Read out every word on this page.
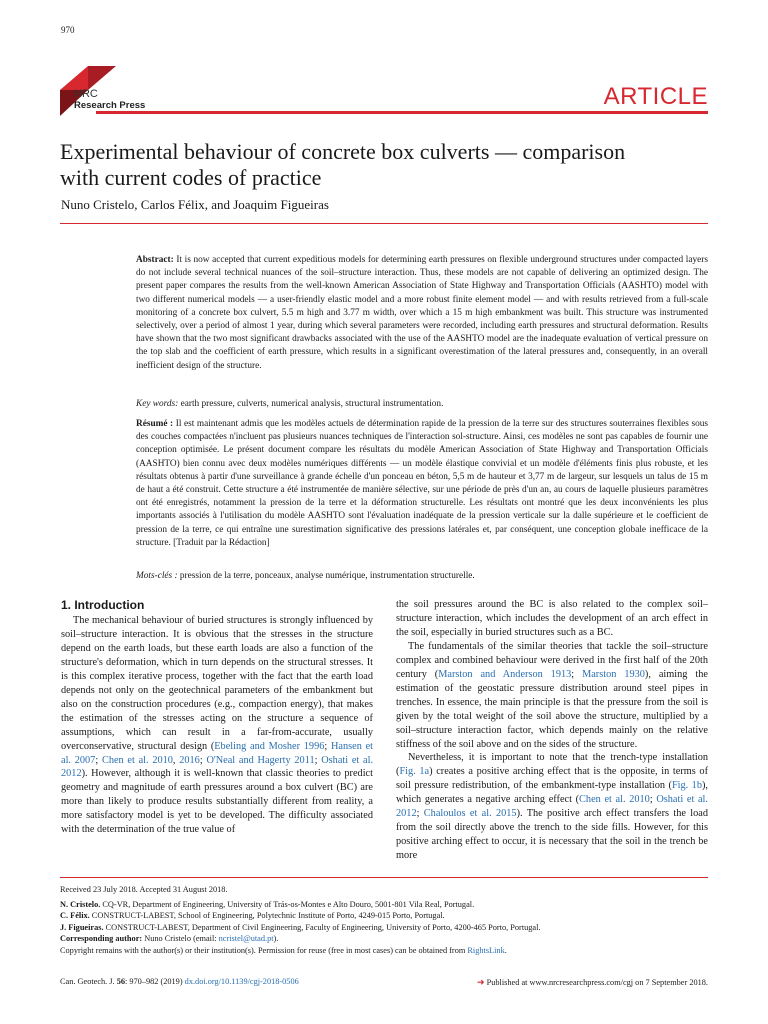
970
NRC
Research Press	ARTICLE
Experimental behaviour of concrete box culverts — comparison
with current codes of practice
Nuno Cristelo, Carlos Félix, and Joaquim Figueiras
Abstract: It is now accepted that current expeditious models for determining earth pressures on flexible underground structures under compacted layers do not include several technical nuances of the soil–structure interaction. Thus, these models are not capable of delivering an optimized design. The present paper compares the results from the well-known American Association of State Highway and Transportation Officials (AASHTO) model with two different numerical models — a user-friendly elastic model and a more robust finite element model — and with results retrieved from a full-scale monitoring of a concrete box culvert, 5.5 m high and 3.77 m width, over which a 15 m high embankment was built. This structure was instrumented selectively, over a period of almost 1 year, during which several parameters were recorded, including earth pressures and structural deformation. Results have shown that the two most significant drawbacks associated with the use of the AASHTO model are the inadequate evaluation of vertical pressure on the top slab and the coefficient of earth pressure, which results in a significant overestimation of the lateral pressures and, consequently, in an overall inefficient design of the structure.
Key words: earth pressure, culverts, numerical analysis, structural instrumentation.
Résumé : Il est maintenant admis que les modèles actuels de détermination rapide de la pression de la terre sur des structures souterraines flexibles sous des couches compactées n'incluent pas plusieurs nuances techniques de l'interaction sol-structure. Ainsi, ces modèles ne sont pas capables de fournir une conception optimisée. Le présent document compare les résultats du modèle American Association of State Highway and Transportation Officials (AASHTO) bien connu avec deux modèles numériques différents — un modèle élastique convivial et un modèle d'éléments finis plus robuste, et les résultats obtenus à partir d'une surveillance à grande échelle d'un ponceau en béton, 5,5 m de hauteur et 3,77 m de largeur, sur lesquels un talus de 15 m de haut a été construit. Cette structure a été instrumentée de manière sélective, sur une période de près d'un an, au cours de laquelle plusieurs paramètres ont été enregistrés, notamment la pression de la terre et la déformation structurelle. Les résultats ont montré que les deux inconvénients les plus importants associés à l'utilisation du modèle AASHTO sont l'évaluation inadéquate de la pression verticale sur la dalle supérieure et le coefficient de pression de la terre, ce qui entraîne une surestimation significative des pressions latérales et, par conséquent, une conception globale inefficace de la structure. [Traduit par la Rédaction]
Mots-clés : pression de la terre, ponceaux, analyse numérique, instrumentation structurelle.
1. Introduction

The mechanical behaviour of buried structures is strongly influenced by soil–structure interaction. It is obvious that the stresses in the structure depend on the earth loads, but these earth loads are also a function of the structure's deformation, which in turn depends on the structural stresses. It is this complex iterative process, together with the fact that the earth load depends not only on the geotechnical parameters of the embankment but also on the construction procedures (e.g., compaction energy), that makes the estimation of the stresses acting on the structure a sequence of assumptions, which can result in a far-from-accurate, usually overconservative, structural design (Ebeling and Mosher 1996; Hansen et al. 2007; Chen et al. 2010, 2016; O'Neal and Hagerty 2011; Oshati et al. 2012). However, although it is well-known that classic theories to predict geometry and magnitude of earth pressures around a box culvert (BC) are more than likely to produce results substantially different from reality, a more satisfactory model is yet to be developed. The difficulty associated with the determination of the true value of

the soil pressures around the BC is also related to the complex soil–structure interaction, which includes the development of an arch effect in the soil, especially in buried structures such as a BC.

The fundamentals of the similar theories that tackle the soil–structure complex and combined behaviour were derived in the first half of the 20th century (Marston and Anderson 1913; Marston 1930), aiming the estimation of the geostatic pressure distribution around steel pipes in trenches. In essence, the main principle is that the pressure from the soil is given by the total weight of the soil above the structure, multiplied by a soil–structure interaction factor, which depends mainly on the relative stiffness of the soil above and on the sides of the structure.

Nevertheless, it is important to note that the trench-type installation (Fig. 1a) creates a positive arching effect that is the opposite, in terms of soil pressure redistribution, of the embankment-type installation (Fig. 1b), which generates a negative arching effect (Chen et al. 2010; Oshati et al. 2012; Chaloulos et al. 2015). The positive arch effect transfers the load from the soil directly above the trench to the side fills. However, for this positive arching effect to occur, it is necessary that the soil in the trench be more

Received 23 July 2018. Accepted 31 August 2018.
N. Cristelo. CQ-VR, Department of Engineering, University of Trás-os-Montes e Alto Douro, 5001-801 Vila Real, Portugal.
C. Félix. CONSTRUCT-LABEST, School of Engineering, Polytechnic Institute of Porto, 4249-015 Porto, Portugal.
J. Figueiras. CONSTRUCT-LABEST, Department of Civil Engineering, Faculty of Engineering, University of Porto, 4200-465 Porto, Portugal.
Corresponding author: Nuno Cristelo (email: ncristel@utad.pt).
Copyright remains with the author(s) or their institution(s). Permission for reuse (free in most cases) can be obtained from RightsLink.
Can. Geotech. J. 56: 970–982 (2019) dx.doi.org/10.1139/cgj-2018-0506	➜ Published at www.nrcresearchpress.com/cgj on 7 September 2018.
